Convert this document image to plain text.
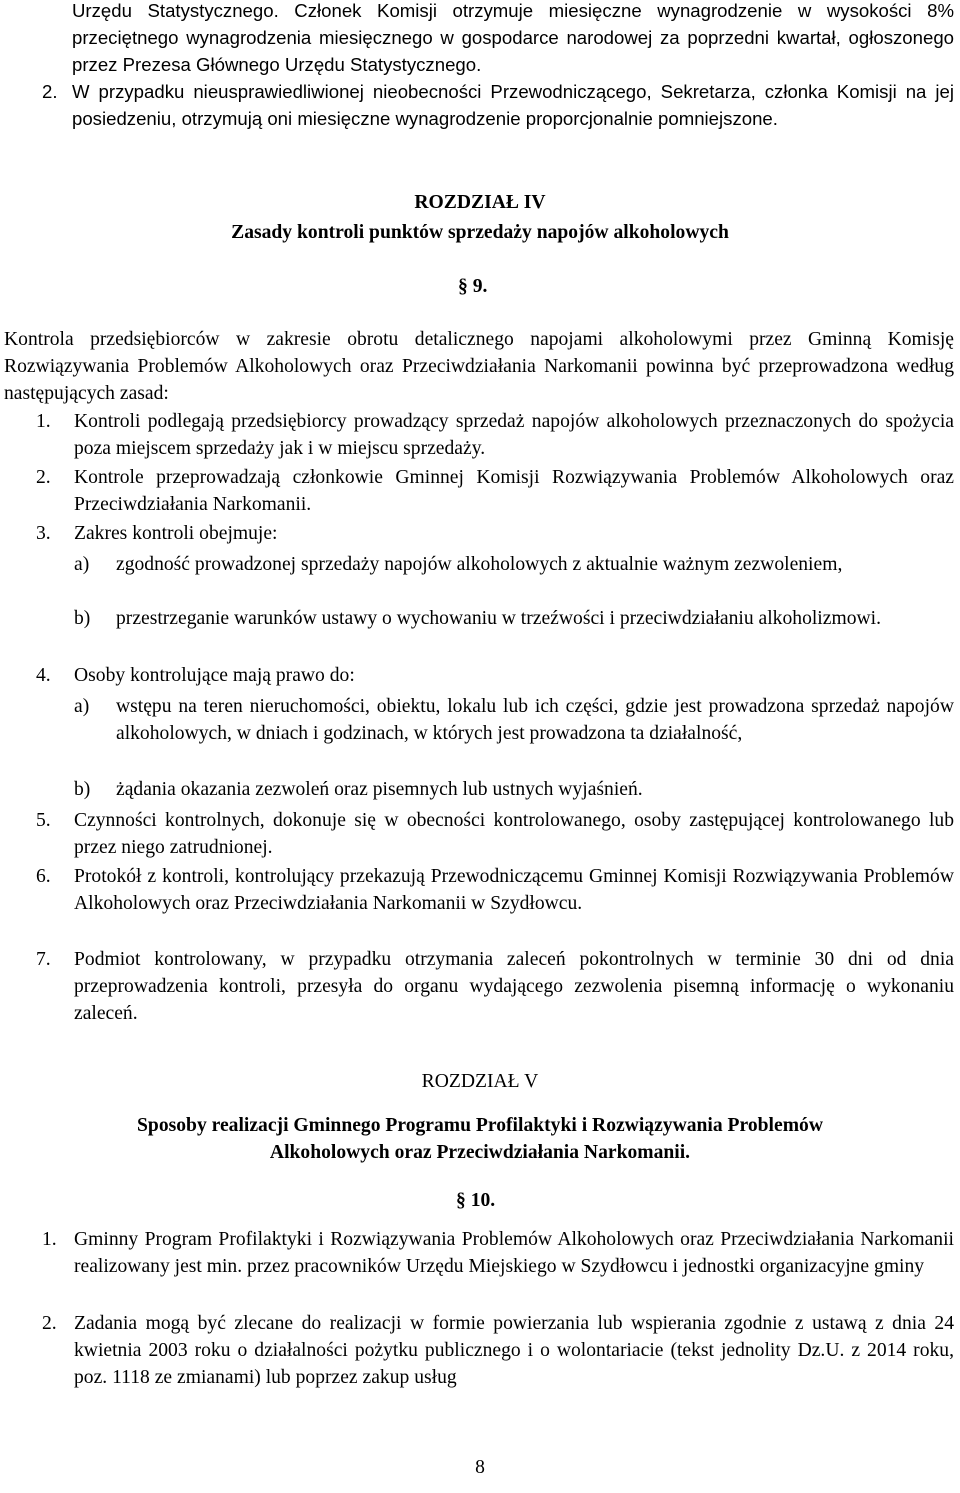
Urzędu Statystycznego. Członek Komisji otrzymuje miesięczne wynagrodzenie w wysokości 8% przeciętnego wynagrodzenia miesięcznego w gospodarce narodowej za poprzedni kwartał, ogłoszonego przez Prezesa Głównego Urzędu Statystycznego.
2. W przypadku nieusprawiedliwionej nieobecności Przewodniczącego, Sekretarza, członka Komisji na jej posiedzeniu, otrzymują oni miesięczne wynagrodzenie proporcjonalnie pomniejszone.
ROZDZIAŁ IV
Zasady kontroli punktów sprzedaży napojów alkoholowych
§ 9.
Kontrola przedsiębiorców w zakresie obrotu detalicznego napojami alkoholowymi przez Gminną Komisję Rozwiązywania Problemów Alkoholowych oraz Przeciwdziałania Narkomanii powinna być przeprowadzona według następujących zasad:
1. Kontroli podlegają przedsiębiorcy prowadzący sprzedaż napojów alkoholowych przeznaczonych do spożycia poza miejscem sprzedaży jak i w miejscu sprzedaży.
2. Kontrole przeprowadzają członkowie Gminnej Komisji Rozwiązywania Problemów Alkoholowych oraz Przeciwdziałania Narkomanii.
3. Zakres kontroli obejmuje:
a) zgodność prowadzonej sprzedaży napojów alkoholowych z aktualnie ważnym zezwoleniem,
b) przestrzeganie warunków ustawy o wychowaniu w trzeźwości i przeciwdziałaniu alkoholizmowi.
4. Osoby kontrolujące mają prawo do:
a) wstępu na teren nieruchomości, obiektu, lokalu lub ich części, gdzie jest prowadzona sprzedaż napojów alkoholowych, w dniach i godzinach, w których jest prowadzona ta działalność,
b) żądania okazania zezwoleń oraz pisemnych lub ustnych wyjaśnień.
5. Czynności kontrolnych, dokonuje się w obecności kontrolowanego, osoby zastępującej kontrolowanego lub przez niego zatrudnionej.
6. Protokół z kontroli, kontrolujący przekazują Przewodniczącemu Gminnej Komisji Rozwiązywania Problemów Alkoholowych oraz Przeciwdziałania Narkomanii w Szydłowcu.
7. Podmiot kontrolowany, w przypadku otrzymania zaleceń pokontrolnych w terminie 30 dni od dnia przeprowadzenia kontroli, przesyła do organu wydającego zezwolenia pisemną informację o wykonaniu zaleceń.
ROZDZIAŁ V
Sposoby realizacji Gminnego Programu Profilaktyki i Rozwiązywania Problemów
Alkoholowych oraz Przeciwdziałania Narkomanii.
§ 10.
1. Gminny Program Profilaktyki i Rozwiązywania Problemów Alkoholowych oraz Przeciwdziałania Narkomanii realizowany jest min. przez pracowników Urzędu Miejskiego w Szydłowcu i jednostki organizacyjne gminy
2. Zadania mogą być zlecane do realizacji w formie powierzania lub wspierania zgodnie z ustawą z dnia 24 kwietnia 2003 roku o działalności pożytku publicznego i o wolontariacie (tekst jednolity Dz.U. z 2014 roku, poz. 1118 ze zmianami) lub poprzez zakup usług
8
